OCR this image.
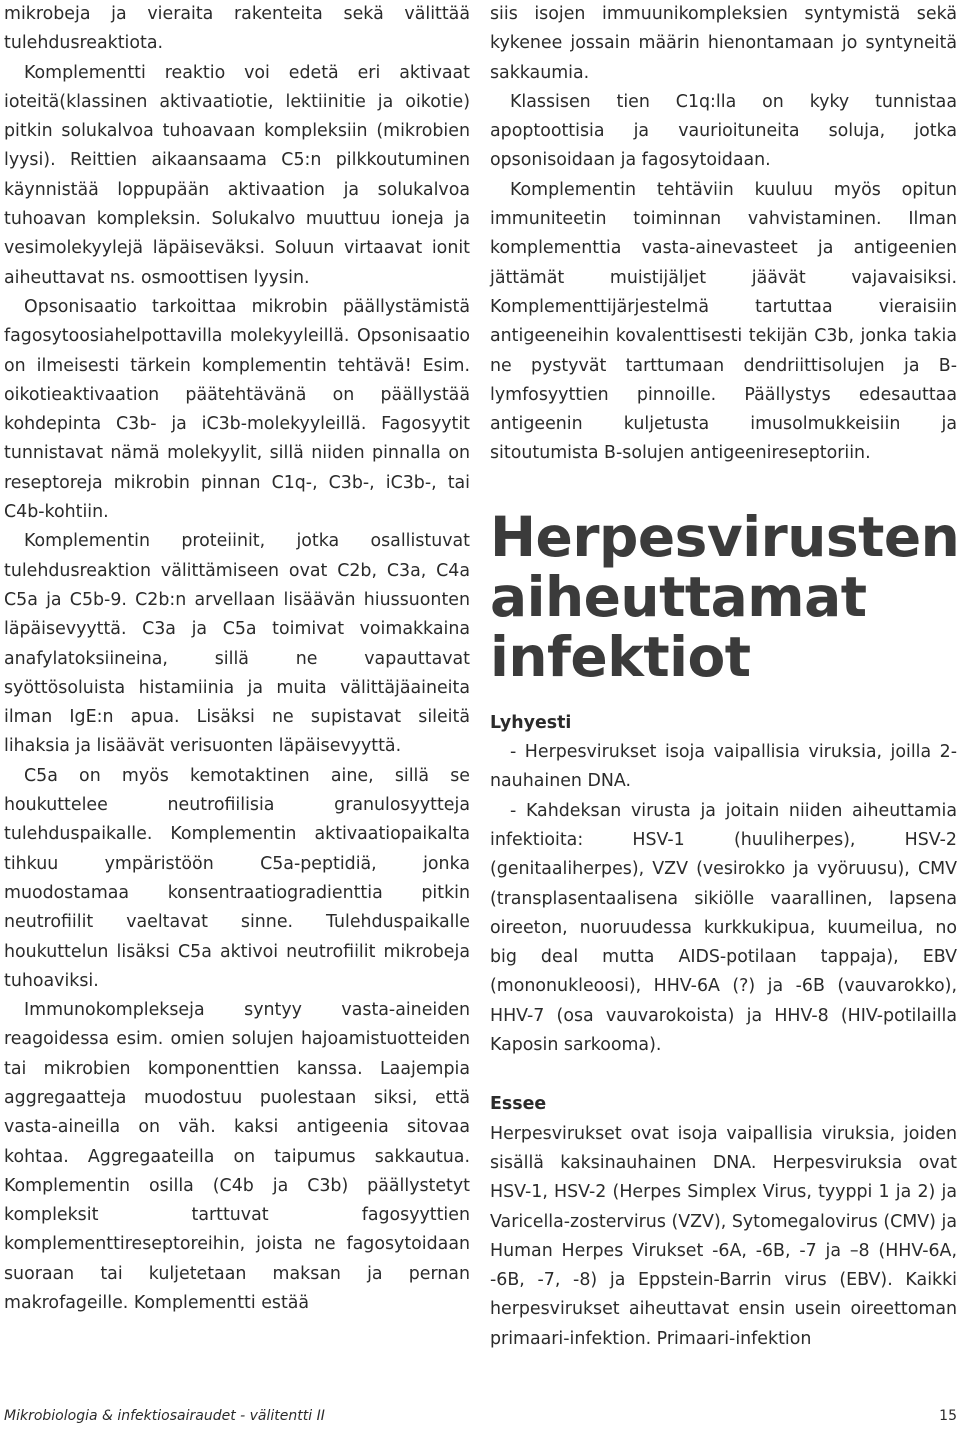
mikrobeja ja vieraita rakenteita sekä välittää tulehdusreaktiota.

Komplementti reaktio voi edetä eri aktivaat ioteitä(klassinen aktivaatiotie, lektiinitie ja oikotie) pitkin solukalvoa tuhoavaan kompleksiin (mikrobien lyysi). Reittien aikaansaama C5:n pilkkoutuminen käynnistää loppupään aktivaation ja solukalvoa tuhoavan kompleksin. Solukalvo muuttuu ioneja ja vesimolekyylejä läpäiseväksi. Soluun virtaavat ionit aiheuttavat ns. osmoottisen lyysin.

Opsonisaatio tarkoittaa mikrobin päällystämistä fagosytoosiahelpottavilla molekyyleillä. Opsonisaatio on ilmeisesti tärkein komplementin tehtävä! Esim. oikotieaktivaation päätehtävänä on päällystää kohdepinta C3b- ja iC3b-molekyyleillä. Fagosyytit tunnistavat nämä molekyylit, sillä niiden pinnalla on reseptoreja mikrobin pinnan C1q-, C3b-, iC3b-, tai C4b-kohtiin.

Komplementin proteiinit, jotka osallistuvat tulehdusreaktion välittämiseen ovat C2b, C3a, C4a C5a ja C5b-9. C2b:n arvellaan lisäävän hiussuonten läpäisevyyttä. C3a ja C5a toimivat voimakkaina anafylatoksiineina, sillä ne vapauttavat syöttösoluista histamiinia ja muita välittäjäaineita ilman IgE:n apua. Lisäksi ne supistavat sileitä lihaksia ja lisäävät verisuonten läpäisevyyttä.

C5a on myös kemotaktinen aine, sillä se houkuttelee neutrofiilisia granulosyytteja tulehduspaikalle. Komplementin aktivaatiopaikalta tihkuu ympäristöön C5a-peptidiä, jonka muodostamaa konsentraatiogradienttia pitkin neutrofiilit vaeltavat sinne. Tulehduspaikalle houkuttelun lisäksi C5a aktivoi neutrofiilit mikrobeja tuhoaviksi.

Immunokompleksejа syntyy vasta-aineiden reagoidessa esim. omien solujen hajoamistuotteiden tai mikrobien komponenttien kanssa. Laajempia aggregaatteja muodostuu puolestaan siksi, että vasta-aineilla on väh. kaksi antigeenia sitovaa kohtaa. Aggregaateilla on taipumus sakkautua. Komplementin osilla (C4b ja C3b) päällystetyt kompleksit tarttuvat fagosyyttien komplementtireseptoreihin, joista ne fagosytoidaan suoraan tai kuljetetaan maksan ja pernan makrofageille. Komplementti estää

siis isojen immuunikompleksien syntymistä sekä kykenee jossain määrin hienontamaan jo syntyneitä sakkaumia.

Klassisen tien C1q:lla on kyky tunnistaa apoptoottisia ja vaurioituneita soluja, jotka opsonisoidaan ja fagosytoidaan.

Komplementin tehtäviin kuuluu myös opitun immuniteetin toiminnan vahvistaminen. Ilman komplementtia vasta-ainevasteet ja antigeenien jättämät muistijäljet jäävät vajavaisiksi. Komplementtijärjestelmä tartuttaa vieraisiin antigeeneihin kovalenttisesti tekijän C3b, jonka takia ne pystyvät tarttumaan dendriittisolujen ja B-lymfosyyttien pinnoille. Päällystys edesauttaa antigeenin kuljetusta imusolmukkeisiin ja sitoutumista B-solujen antigeenireseptoriin.

Herpesvirusten aiheuttamat infektiot

Lyhyesti

- Herpesvirukset isoja vaipallisia viruksia, joilla 2-nauhainen DNA.

- Kahdeksan virusta ja joitain niiden aiheuttamia infektioita: HSV-1 (huuliherpes), HSV-2 (genitaaliherpes), VZV (vesirokko ja vyöruusu), CMV (transplasentaalisena sikiölle vaarallinen, lapsena oireeton, nuoruudessa kurkkukipua, kuumeilua, no big deal mutta AIDS-potilaan tappaja), EBV (mononukleoosi), HHV-6A (?) ja -6B (vauvarokko), HHV-7 (osa vauvarokoista) ja HHV-8 (HIV-potilailla Kaposin sarkooma).

Essee

Herpesvirukset ovat isoja vaipallisia viruksia, joiden sisällä kaksinauhainen DNA. Herpesviruksia ovat HSV-1, HSV-2 (Herpes Simplex Virus, tyyppi 1 ja 2) ja Varicella-zostervirus (VZV), Sytomegalovirus (CMV) ja Human Herpes Virukset -6A, -6B, -7 ja –8 (HHV-6A, -6B, -7, -8) ja Eppstein-Barrin virus (EBV). Kaikki herpesvirukset aiheuttavat ensin usein oireettoman primaari-infektion. Primaari-infektion

Mikrobiologia & infektiosairaudet - välitentti II	15
